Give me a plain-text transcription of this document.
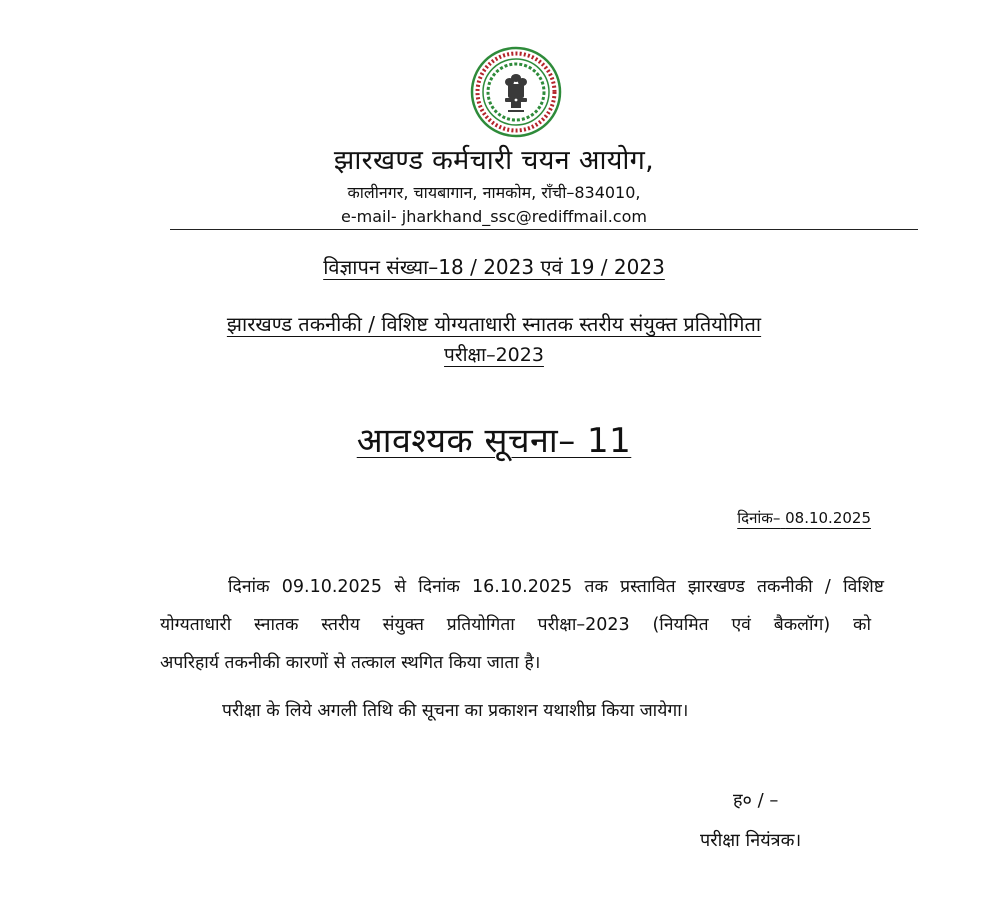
झारखण्ड कर्मचारी चयन आयोग,
कालीनगर, चायबागान, नामकोम, राँची–834010,
e-mail- jharkhand_ssc@rediffmail.com
विज्ञापन संख्या–18 / 2023 एवं 19 / 2023
झारखण्ड तकनीकी / विशिष्ट योग्यताधारी स्नातक स्तरीय संयुक्त प्रतियोगिता
परीक्षा–2023
आवश्यक सूचना– 11
दिनांक– 08.10.2025
दिनांक 09.10.2025 से दिनांक 16.10.2025 तक प्रस्तावित झारखण्ड तकनीकी / विशिष्ट
योग्यताधारी स्नातक स्तरीय संयुक्त प्रतियोगिता परीक्षा–2023 (नियमित एवं बैकलॉग) को
अपरिहार्य तकनीकी कारणों से तत्काल स्थगित किया जाता है।
परीक्षा के लिये अगली तिथि की सूचना का प्रकाशन यथाशीघ्र किया जायेगा।
ह० / –
परीक्षा नियंत्रक।
